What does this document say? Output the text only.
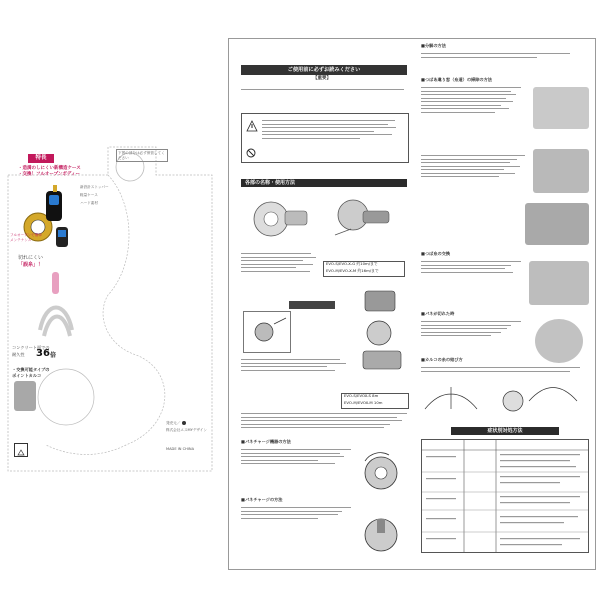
下図の部分は必ず保管してください
特長
・造満のしにくい新構造ケース
・交換！フルオープンボディー
新設計ストッパー
軽量ケース
ハード素材
フルオープンで簡単メンテナンス
切れにくい
「誤糸」！
コンクリート面での
耐久性 36 倍
・交換可能タイプの
ポイントカルコ
発売元／
株式会社エスMYデザイン
MADE IN CHINA
ご使用前に必ずお読みください
【重要】
各部の名称・使用方法
EVO-S/EVO-X-G 約10m/まで
EVO-M/EVO-X-M 約16m/まで
EVO-S/EVOX-S 8m
EVO-M/EVOX-M 10m
■パネチャージ機器の方法
■パネチャージの方法
■分解の方法
■つばあ違り窓（糸道）の掃除の方法
■つば糸の交換
■パネが切れた時
■カルコの糸の結び方
症状別対処方法
